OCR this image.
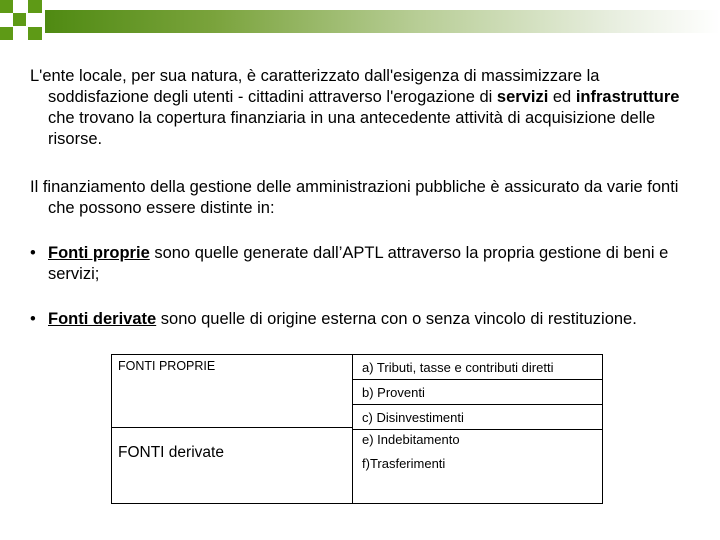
L'ente locale, per sua natura, è caratterizzato dall'esigenza di massimizzare la soddisfazione degli utenti - cittadini attraverso l'erogazione di servizi ed infrastrutture che trovano la copertura finanziaria in una antecedente attività di acquisizione delle risorse.

Il finanziamento della gestione delle amministrazioni pubbliche è assicurato da varie fonti che possono essere distinte in:

• Fonti proprie sono quelle generate dall’APTL attraverso la propria gestione di beni e servizi;
• Fonti derivate sono quelle di origine esterna con o senza vincolo di restituzione.
FONTI PROPRIE
FONTI derivate
a) Tributi, tasse e contributi diretti
b) Proventi
c) Disinvestimenti
e) Indebitamento
f)Trasferimenti
